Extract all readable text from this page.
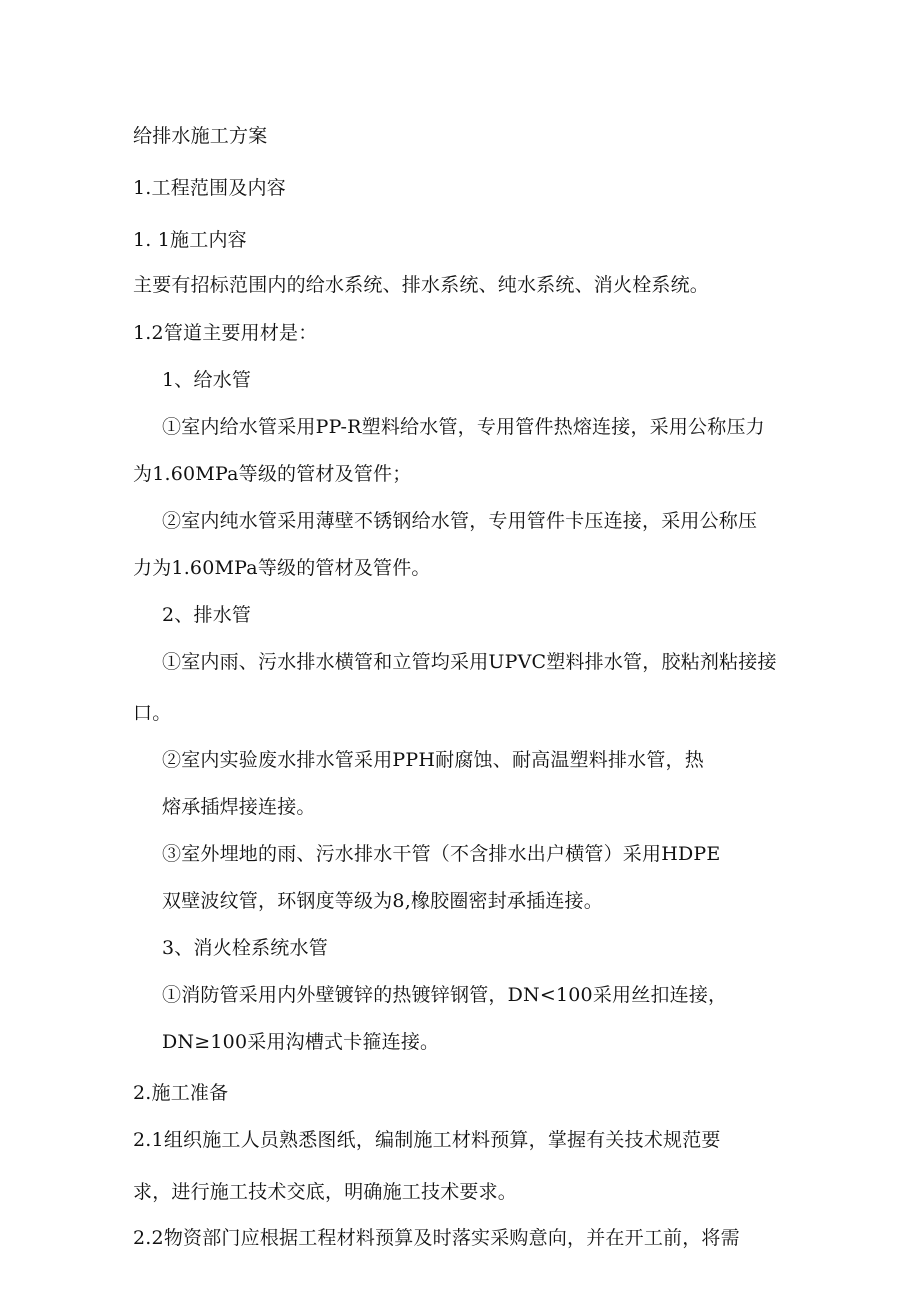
给排水施工方案
1.工程范围及内容
1. 1施工内容
主要有招标范围内的给水系统、排水系统、纯水系统、消火栓系统。
1.2管道主要用材是：
1、给水管
①室内给水管采用PP-R塑料给水管，专用管件热熔连接，采用公称压力
为1.60MPa等级的管材及管件；
②室内纯水管采用薄壁不锈钢给水管，专用管件卡压连接，采用公称压
力为1.60MPa等级的管材及管件。
2、排水管
①室内雨、污水排水横管和立管均采用UPVC塑料排水管，胶粘剂粘接接
口。
②室内实验废水排水管采用PPH耐腐蚀、耐高温塑料排水管，热
熔承插焊接连接。
③室外埋地的雨、污水排水干管（不含排水出户横管）采用HDPE
双壁波纹管，环钢度等级为8,橡胶圈密封承插连接。
3、消火栓系统水管
①消防管采用内外壁镀锌的热镀锌钢管，DN<100采用丝扣连接，
DN≥100采用沟槽式卡箍连接。
2.施工准备
2.1组织施工人员熟悉图纸，编制施工材料预算，掌握有关技术规范要
求，进行施工技术交底，明确施工技术要求。
2.2物资部门应根据工程材料预算及时落实采购意向，并在开工前，将需
